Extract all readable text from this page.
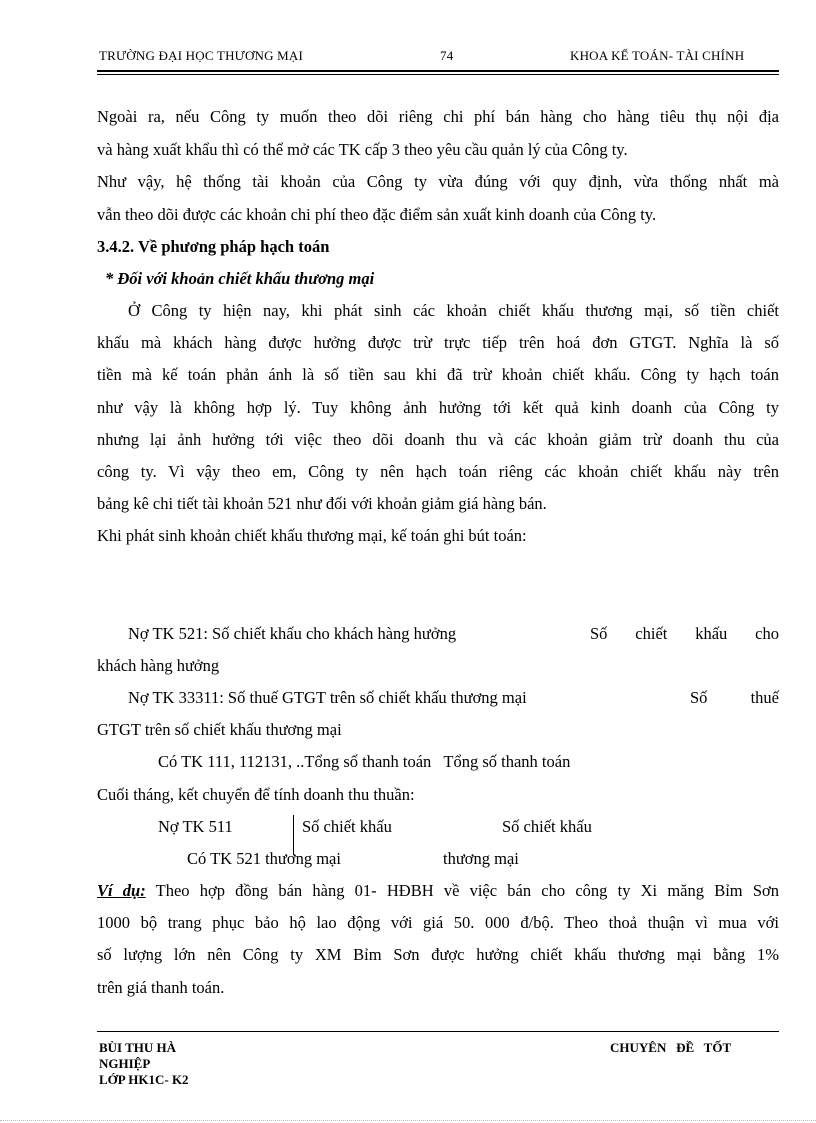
TRƯỜNG ĐẠI HỌC THƯƠNG MẠI	74	KHOA KẾ TOÁN- TÀI CHÍNH
Ngoài ra, nếu Công ty muốn theo dõi riêng chi phí bán hàng cho hàng tiêu thụ nội địa
và hàng xuất khẩu thì có thể mở các TK cấp 3 theo yêu cầu quản lý của Công ty.
Như vậy, hệ thống tài khoản của Công ty vừa đúng với quy định, vừa thống nhất mà
vẫn theo dõi được các khoản chi phí theo đặc điểm sản xuất kinh doanh của Công ty.
3.4.2. Về phương pháp hạch toán
* Đối với khoản chiết khấu thương mại
Ở Công ty hiện nay, khi phát sinh các khoản chiết khấu thương mại, số tiền chiết
khấu mà khách hàng được hưởng được trừ trực tiếp trên hoá đơn GTGT. Nghĩa là số
tiền mà kế toán phản ánh là số tiền sau khi đã trừ khoản chiết khấu. Công ty hạch toán
như vậy là không hợp lý. Tuy không ảnh hưởng tới kết quả kinh doanh của Công ty
nhưng lại ảnh hưởng tới việc theo dõi doanh thu và các khoản giảm trừ doanh thu của
công ty. Vì vậy theo em, Công ty nên hạch toán riêng các khoản chiết khấu này trên
bảng kê chi tiết tài khoản 521 như đối với khoản giảm giá hàng bán.
Khi phát sinh khoản chiết khấu thương mại, kế toán ghi bút toán:
Nợ TK 521: Số chiết khấu cho khách hàng hưởng	Số chiết khấu cho
khách hàng hưởng
Nợ TK 33311: Số thuế GTGT trên số chiết khấu thương mại	Số thuế
GTGT trên số chiết khấu thương mại
Có TK 111, 112131, ..Tổng số thanh toán   Tổng số thanh toán
Cuối tháng, kết chuyển để tính doanh thu thuần:
Nợ TK 511	Số chiết khấu	Số chiết khấu
Có TK 521 thương mại	thương mại
Ví dụ: Theo hợp đồng bán hàng 01- HĐBH về việc bán cho công ty Xi măng Bỉm Sơn
1000 bộ trang phục bảo hộ lao động với giá 50. 000 đ/bộ. Theo thoả thuận vì mua với
số lượng lớn nên Công ty XM Bỉm Sơn được hưởng chiết khấu thương mại bằng 1%
trên giá thanh toán.
BÙI THU HÀ	CHUYÊN   ĐỀ   TỐT
NGHIỆP
LỚP HK1C- K2
